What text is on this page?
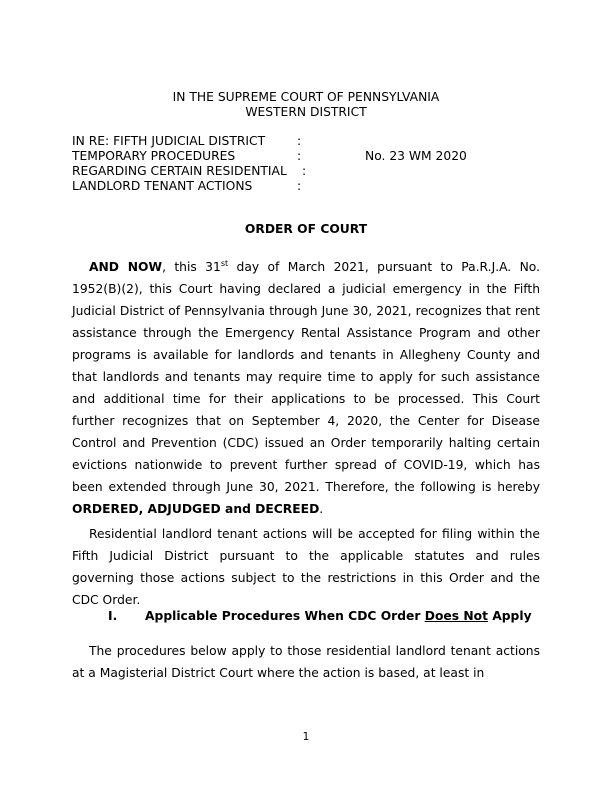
IN THE SUPREME COURT OF PENNSYLVANIA
WESTERN DISTRICT
IN RE: FIFTH JUDICIAL DISTRICT	:
TEMPORARY PROCEDURES	:	No. 23 WM 2020
REGARDING CERTAIN RESIDENTIAL :
LANDLORD TENANT ACTIONS	:
ORDER OF COURT

AND NOW, this 31st day of March 2021, pursuant to Pa.R.J.A. No. 1952(B)(2), this Court having declared a judicial emergency in the Fifth Judicial District of Pennsylvania through June 30, 2021, recognizes that rent assistance through the Emergency Rental Assistance Program and other programs is available for landlords and tenants in Allegheny County and that landlords and tenants may require time to apply for such assistance and additional time for their applications to be processed. This Court further recognizes that on September 4, 2020, the Center for Disease Control and Prevention (CDC) issued an Order temporarily halting certain evictions nationwide to prevent further spread of COVID-19, which has been extended through June 30, 2021. Therefore, the following is hereby ORDERED, ADJUDGED and DECREED.

Residential landlord tenant actions will be accepted for filing within the Fifth Judicial District pursuant to the applicable statutes and rules governing those actions subject to the restrictions in this Order and the CDC Order.

I. Applicable Procedures When CDC Order Does Not Apply

The procedures below apply to those residential landlord tenant actions at a Magisterial District Court where the action is based, at least in

1
